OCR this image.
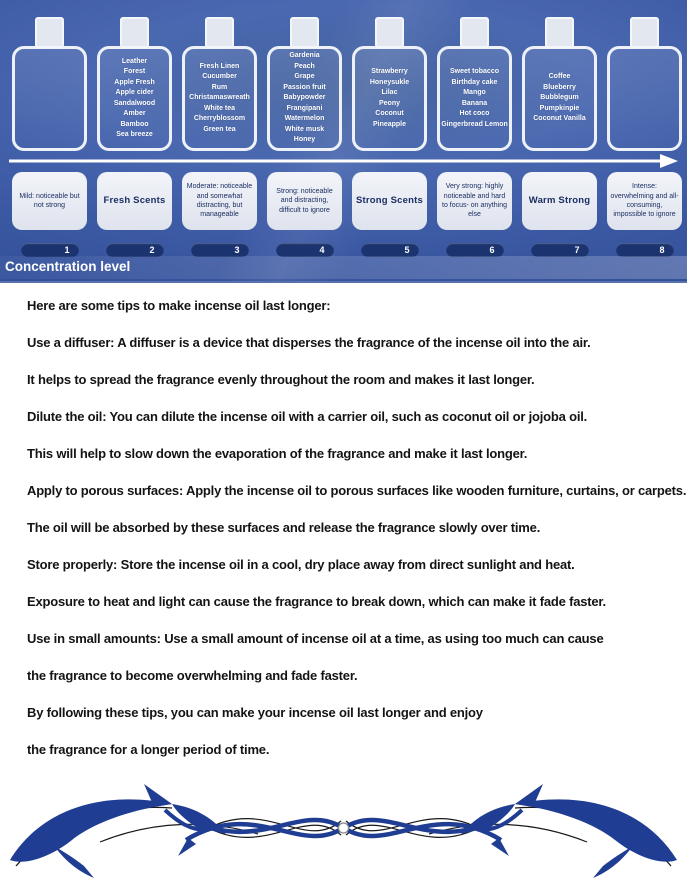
Leather
Forest
Apple Fresh
Apple cider
Sandalwood
Amber
Bamboo
Sea breeze
Fresh Linen
Cucumber
Rum
Christamaswreath
White tea
Cherryblossom
Green tea
Gardenia
Peach
Grape
Passion fruit
Babypowder
Frangipani
Watermelon
White musk
Honey
Strawberry
Honeysukle
Lilac
Peony
Coconut
Pineapple
Sweet tobacco
Birthday cake
Mango
Banana
Hot coco
Gingerbread Lemon
Coffee
Blueberry
Bubblegum
Pumpkinpie
Coconut Vanilla
Mild: noticeable but not strong	Fresh Scents
Moderate: noticeable and somewhat distracting, but manageable
Strong: noticeable and distracting, difficult to ignore
Strong Scents
Very strong: highly noticeable and hard to focus- on anything else
Warm Strong
Intense: overwhelming and all-consuming, impossible to ignore
1	2	3	4	5	6	7	8
Concentration level

Here are some tips to make incense oil last longer:

Use a diffuser: A diffuser is a device that disperses the fragrance of the incense oil into the air.

It helps to spread the fragrance evenly throughout the room and makes it last longer.

Dilute the oil: You can dilute the incense oil with a carrier oil, such as coconut oil or jojoba oil.

This will help to slow down the evaporation of the fragrance and make it last longer.

Apply to porous surfaces: Apply the incense oil to porous surfaces like wooden furniture, curtains, or carpets.

The oil will be absorbed by these surfaces and release the fragrance slowly over time.

Store properly: Store the incense oil in a cool, dry place away from direct sunlight and heat.

Exposure to heat and light can cause the fragrance to break down, which can make it fade faster.

Use in small amounts: Use a small amount of incense oil at a time, as using too much can cause

the fragrance to become overwhelming and fade faster.

By following these tips, you can make your incense oil last longer and enjoy

the fragrance for a longer period of time.
